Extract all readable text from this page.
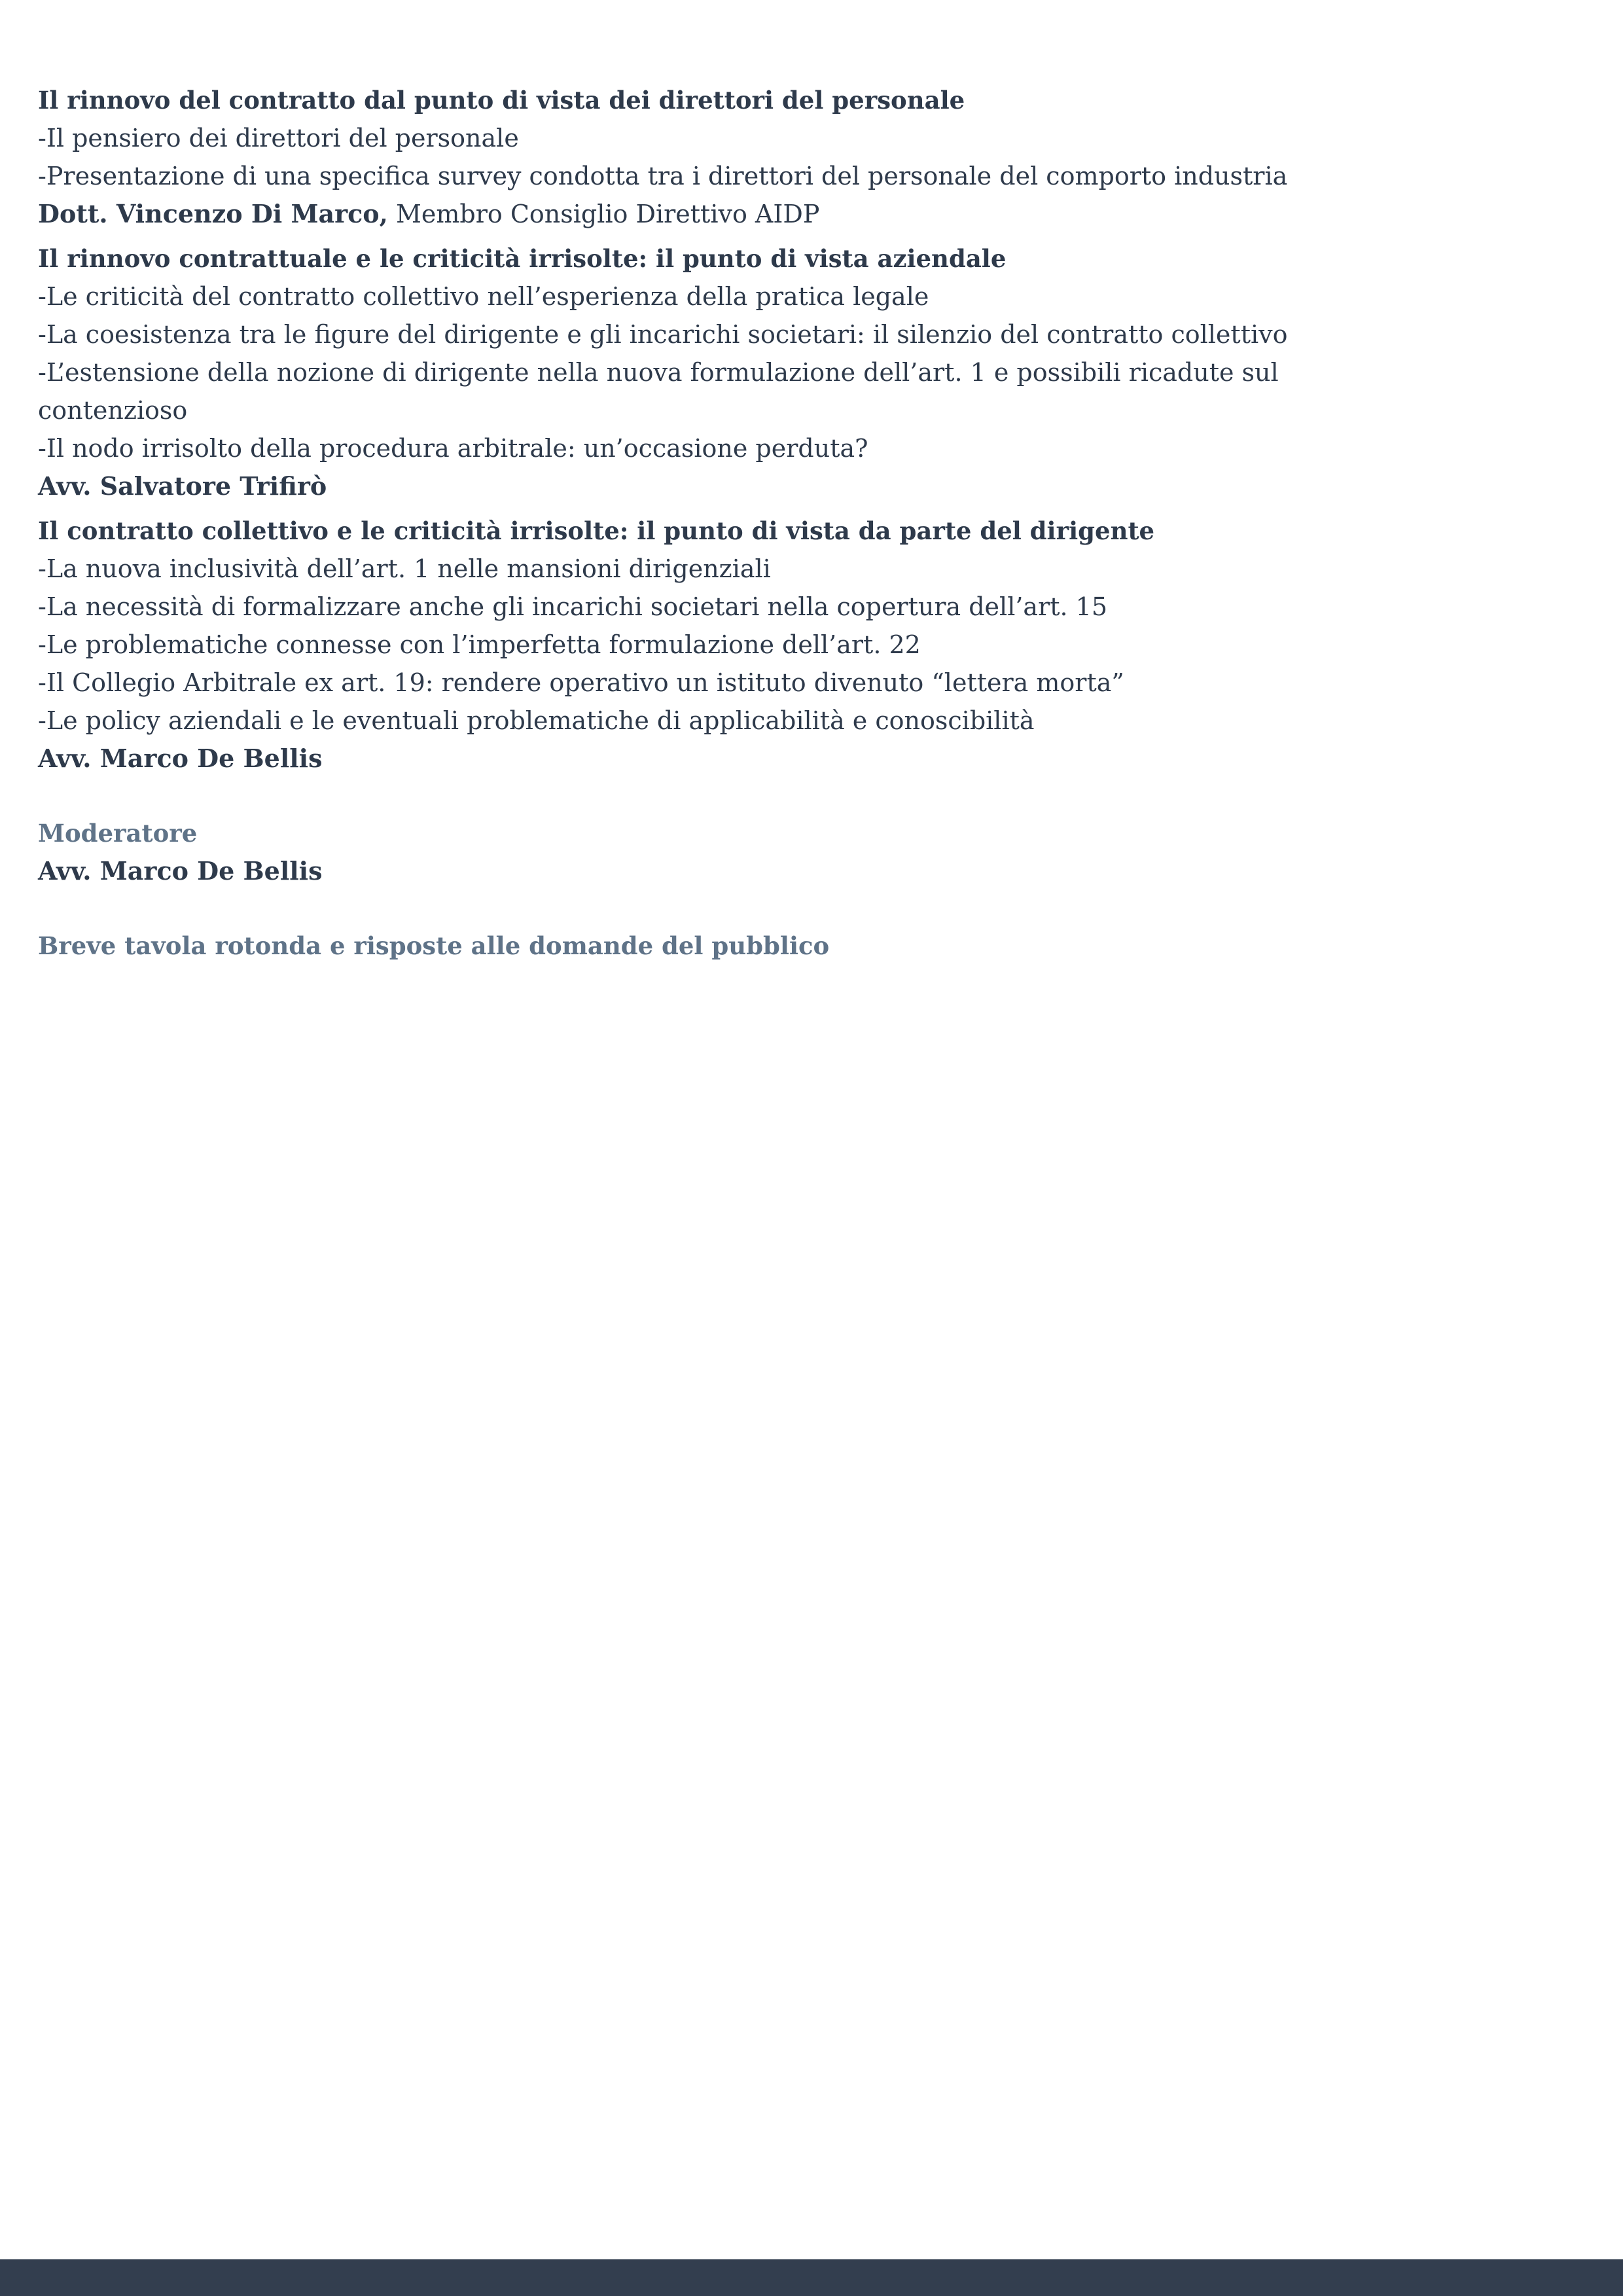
Il rinnovo del contratto dal punto di vista dei direttori del personale

-Il pensiero dei direttori del personale

-Presentazione di una specifica survey condotta tra i direttori del personale del comporto industria

Dott. Vincenzo Di Marco, Membro Consiglio Direttivo AIDP

Il rinnovo contrattuale e le criticità irrisolte: il punto di vista aziendale

-Le criticità del contratto collettivo nell’esperienza della pratica legale

-La coesistenza tra le figure del dirigente e gli incarichi societari: il silenzio del contratto collettivo

-L’estensione della nozione di dirigente nella nuova formulazione dell’art. 1 e possibili ricadute sul

contenzioso

-Il nodo irrisolto della procedura arbitrale: un’occasione perduta?

Avv. Salvatore Trifirò

Il contratto collettivo e le criticità irrisolte: il punto di vista da parte del dirigente

-La nuova inclusività dell’art. 1 nelle mansioni dirigenziali

-La necessità di formalizzare anche gli incarichi societari nella copertura dell’art. 15

-Le problematiche connesse con l’imperfetta formulazione dell’art. 22

-Il Collegio Arbitrale ex art. 19: rendere operativo un istituto divenuto “lettera morta”

-Le policy aziendali e le eventuali problematiche di applicabilità e conoscibilità

Avv. Marco De Bellis

Moderatore

Avv. Marco De Bellis

Breve tavola rotonda e risposte alle domande del pubblico
